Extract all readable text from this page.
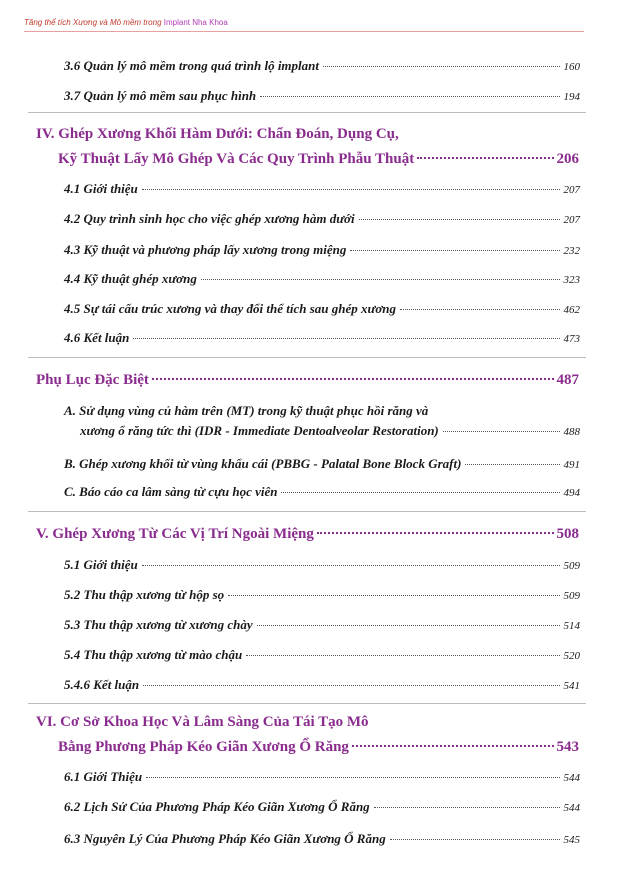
Tăng thể tích Xương và Mô mềm trong Implant Nha Khoa
3.6 Quản lý mô mềm trong quá trình lộ implant	160
3.7 Quản lý mô mềm sau phục hình	194
IV. Ghép Xương Khối Hàm Dưới: Chẩn Đoán, Dụng Cụ,
Kỹ Thuật Lấy Mô Ghép Và Các Quy Trình Phẫu Thuật	206
4.1 Giới thiệu	207
4.2 Quy trình sinh học cho việc ghép xương hàm dưới	207
4.3 Kỹ thuật và phương pháp lấy xương trong miệng	232
4.4 Kỹ thuật ghép xương	323
4.5 Sự tái cấu trúc xương và thay đổi thể tích sau ghép xương	462
4.6 Kết luận	473
Phụ Lục Đặc Biệt	487
A. Sử dụng vùng củ hàm trên (MT) trong kỹ thuật phục hồi răng và
xương ổ răng tức thì (IDR - Immediate Dentoalveolar Restoration)	488
B. Ghép xương khối từ vùng khẩu cái (PBBG - Palatal Bone Block Graft)	491
C. Báo cáo ca lâm sàng từ cựu học viên	494
V. Ghép Xương Từ Các Vị Trí Ngoài Miệng	508
5.1 Giới thiệu	509
5.2 Thu thập xương từ hộp sọ	509
5.3 Thu thập xương từ xương chày	514
5.4 Thu thập xương từ mào chậu	520
5.4.6 Kết luận	541
VI. Cơ Sở Khoa Học Và Lâm Sàng Của Tái Tạo Mô
Bằng Phương Pháp Kéo Giãn Xương Ổ Răng	543
6.1 Giới Thiệu	544
6.2 Lịch Sử Của Phương Pháp Kéo Giãn Xương Ổ Răng	544
6.3 Nguyên Lý Của Phương Pháp Kéo Giãn Xương Ổ Răng	545
